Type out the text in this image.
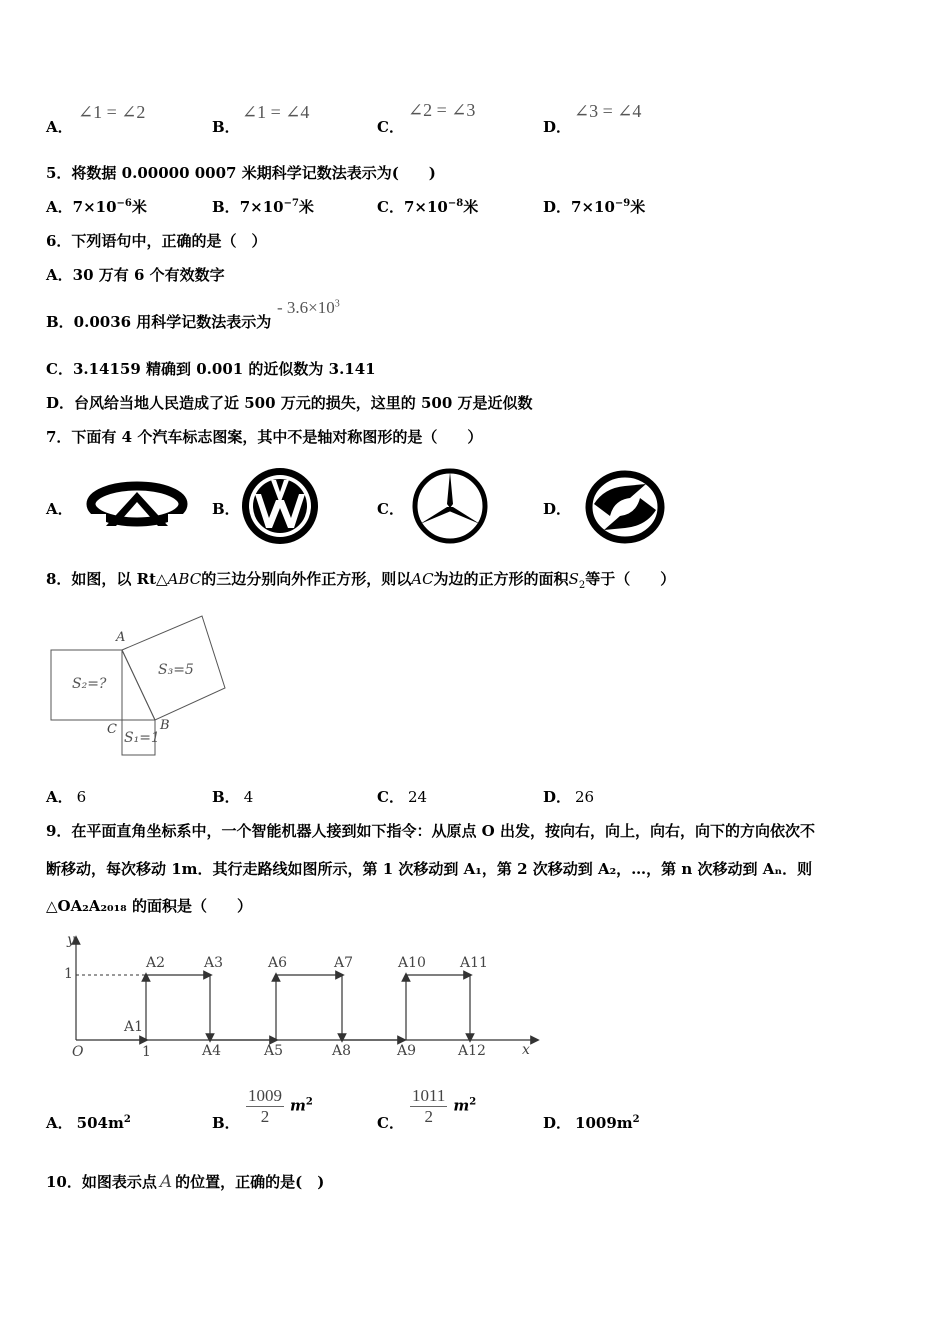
A．
∠1 = ∠2
B．
∠1 = ∠4
C．
∠2 = ∠3
D．
∠3 = ∠4
5．将数据 0.00000 0007 米期科学记数法表示为(　　)
A．$7\times 10^{-6}$米	B．$7\times 10^{-7}$米	C．$7\times 10^{-8}$米	D．$7\times 10^{-9}$米
6．下列语句中，正确的是（　）
A．30 万有 6 个有效数字
B．0.0036 用科学记数法表示为
- $3.6\times 10^3$
C．3.14159 精确到 0.001 的近似数为 3.141
D．台风给当地人民造成了近 500 万元的损失，这里的 500 万是近似数
7．下面有 4 个汽车标志图案，其中不是轴对称图形的是（　　）
A．	B．	C．	D．
8．如图，以 Rt△ABC的三边分别向外作正方形，则以AC为边的正方形的面积$S_2$等于（　　）
A
B
C
S₂=?
S₃=5
S₁=1
A． 6	B． 4	C． 24	D． 26
9．在平面直角坐标系中，一个智能机器人接到如下指令：从原点 O 出发，按向右，向上，向右，向下的方向依次不
断移动，每次移动 1m．其行走路线如图所示，第 1 次移动到 A₁，第 2 次移动到 A₂，…，第 n 次移动到 Aₙ．则
△OA₂A₂₀₁₈ 的面积是（　　）
y
x
O
1
1
A2	A3	A6	A7	A10 A11
A1
A4	A5	A8	A9	A12
A． $504m^2$	B． $\frac{1009}{2} m^2$
C． $\frac{1011}{2} m^2$
D． $1009m^2$
10．如图表示点 A 的位置，正确的是(　)
